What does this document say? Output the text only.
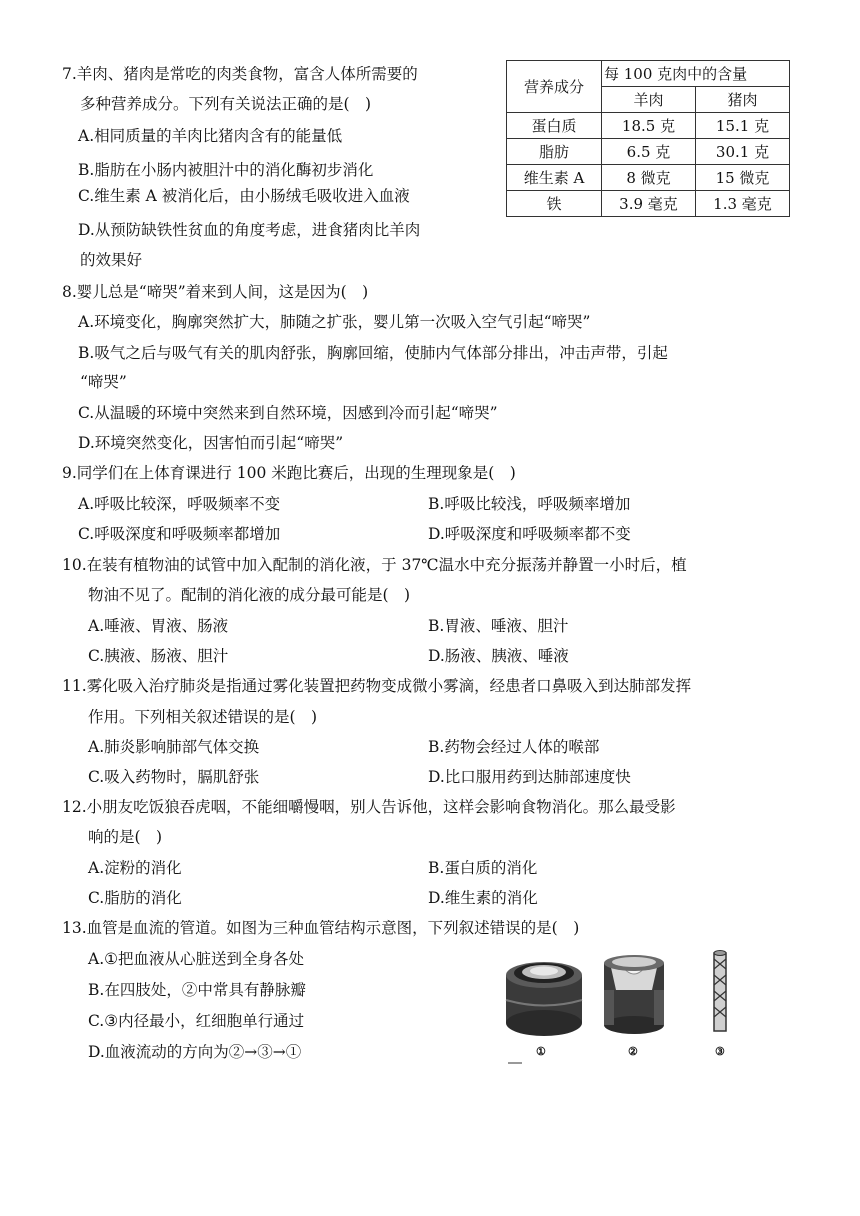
7.羊肉、猪肉是常吃的肉类食物，富含人体所需要的
多种营养成分。下列有关说法正确的是(　)
A.相同质量的羊肉比猪肉含有的能量低
B.脂肪在小肠内被胆汁中的消化酶初步消化
C.维生素 A 被消化后，由小肠绒毛吸收进入血液
D.从预防缺铁性贫血的角度考虑，进食猪肉比羊肉
的效果好
营养成分	每 100 克肉中的含量	
	羊肉	猪肉
蛋白质	18.5 克	15.1 克
脂肪	6.5 克	30.1 克
维生素 A	8 微克	15 微克
铁	3.9 毫克	1.3 毫克
8.婴儿总是“啼哭”着来到人间，这是因为(　)
A.环境变化，胸廓突然扩大，肺随之扩张，婴儿第一次吸入空气引起“啼哭”
B.吸气之后与吸气有关的肌肉舒张，胸廓回缩，使肺内气体部分排出，冲击声带，引起
“啼哭”
C.从温暖的环境中突然来到自然环境，因感到冷而引起“啼哭”
D.环境突然变化，因害怕而引起“啼哭”
9.同学们在上体育课进行 100 米跑比赛后，出现的生理现象是(　)
A.呼吸比较深，呼吸频率不变	B.呼吸比较浅，呼吸频率增加
C.呼吸深度和呼吸频率都增加	D.呼吸深度和呼吸频率都不变
10.在装有植物油的试管中加入配制的消化液，于 37℃温水中充分振荡并静置一小时后，植
物油不见了。配制的消化液的成分最可能是(　)
A.唾液、胃液、肠液	B.胃液、唾液、胆汁
C.胰液、肠液、胆汁	D.肠液、胰液、唾液
11.雾化吸入治疗肺炎是指通过雾化装置把药物变成微小雾滴，经患者口鼻吸入到达肺部发挥
作用。下列相关叙述错误的是(　)
A.肺炎影响肺部气体交换	B.药物会经过人体的喉部
C.吸入药物时，膈肌舒张	D.比口服用药到达肺部速度快
12.小朋友吃饭狼吞虎咽，不能细嚼慢咽，别人告诉他，这样会影响食物消化。那么最受影
响的是(　)
A.淀粉的消化	B.蛋白质的消化
C.脂肪的消化	D.维生素的消化
13.血管是血流的管道。如图为三种血管结构示意图，下列叙述错误的是(　)
A.①把血液从心脏送到全身各处
B.在四肢处，②中常具有静脉瓣
C.③内径最小，红细胞单行通过
D.血液流动的方向为②→③→①	①	②	③
